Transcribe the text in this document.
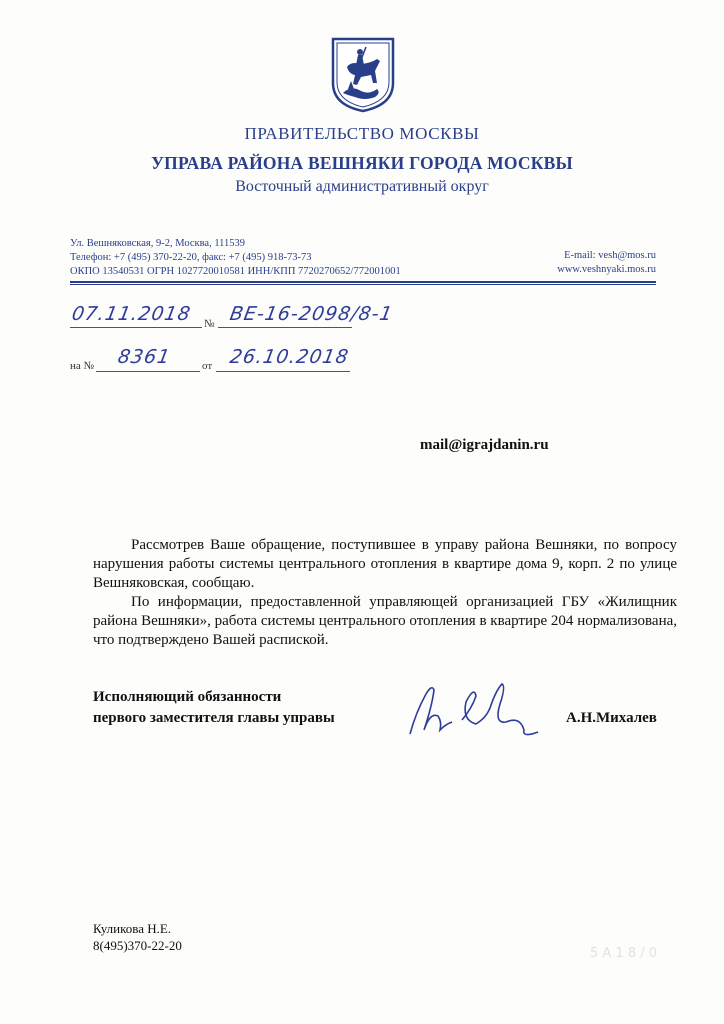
ПРАВИТЕЛЬСТВО МОСКВЫ
УПРАВА РАЙОНА ВЕШНЯКИ ГОРОДА МОСКВЫ
Восточный административный округ
Ул. Вешняковская, 9-2, Москва, 111539
Телефон: +7 (495) 370-22-20, факс: +7 (495) 918-73-73
ОКПО 13540531 ОГРН 1027720010581 ИНН/КПП 7720270652/772001001
E-mail: vesh@mos.ru
www.veshnyaki.mos.ru
07.11.2018 № ВЕ-16-2098/8-1
на № 8361	от 26.10.2018
mail@igrajdanin.ru
Рассмотрев Ваше обращение, поступившее в управу района Вешняки, по вопросу нарушения работы системы центрального отопления в квартире дома 9, корп. 2 по улице Вешняковская, сообщаю.
По информации, предоставленной управляющей организацией ГБУ «Жилищник района Вешняки», работа системы центрального отопления в квартире 204 нормализована, что подтверждено Вашей распиской.
Исполняющий обязанности
первого заместителя главы управы	А.Н.Михалев
Куликова Н.Е.
8(495)370-22-20
5 A 1 8 / 0
